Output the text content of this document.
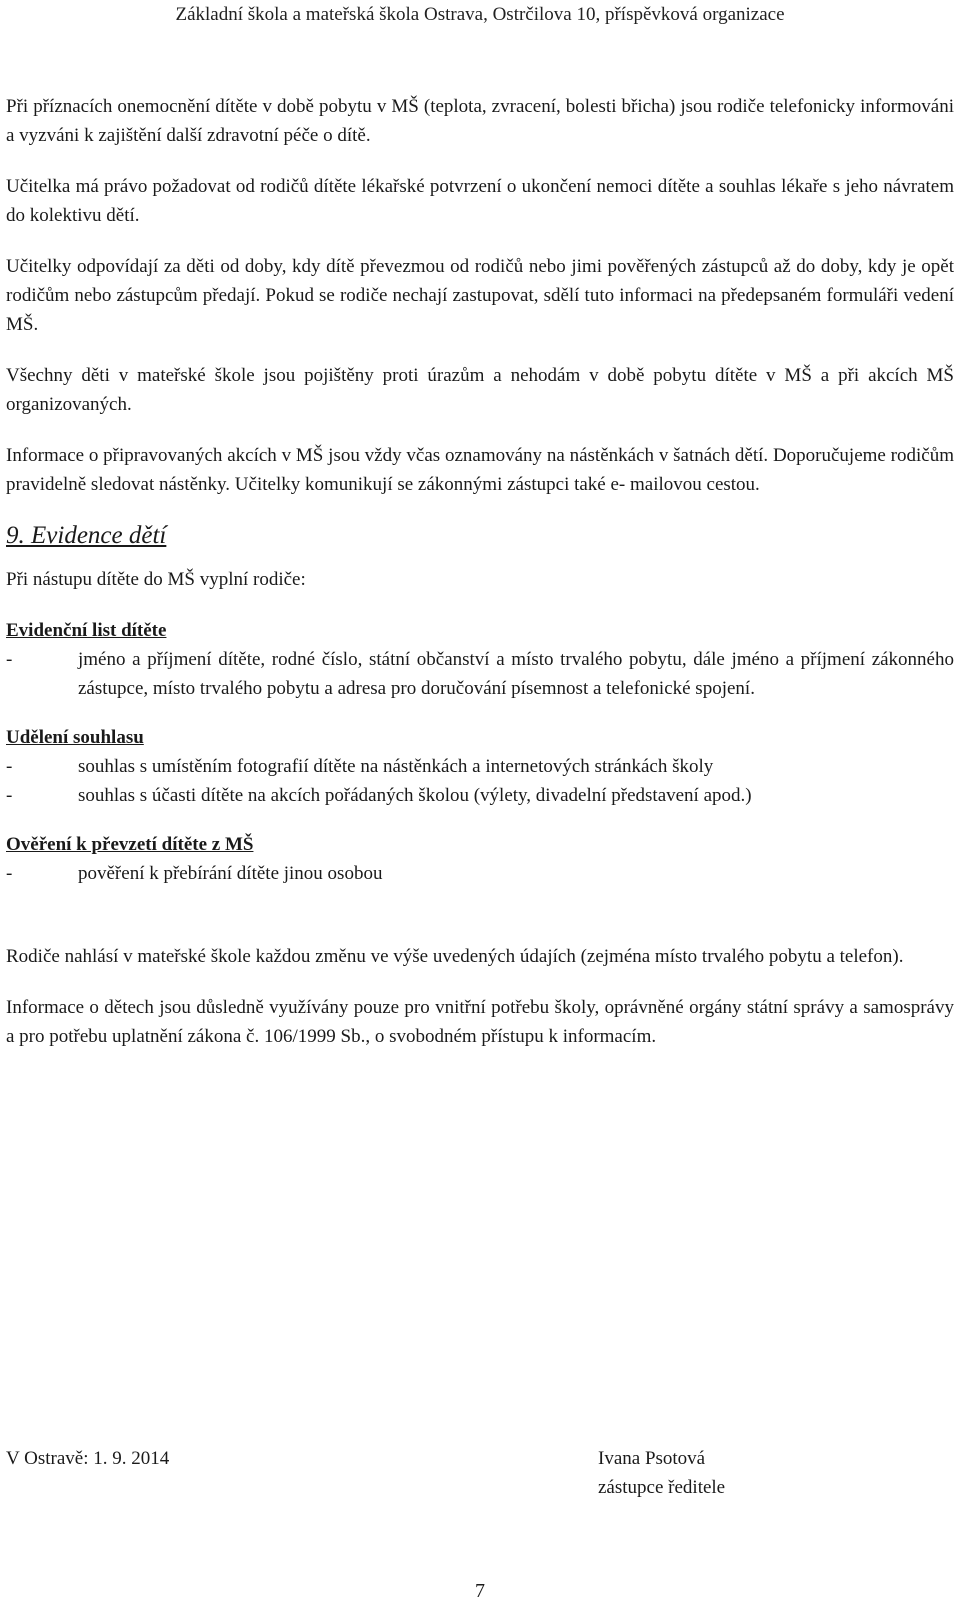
Základní škola a mateřská škola Ostrava, Ostrčilova 10, příspěvková organizace

Při příznacích onemocnění dítěte v době pobytu v MŠ (teplota, zvracení, bolesti břicha) jsou rodiče telefonicky informováni a vyzváni k zajištění další zdravotní péče o dítě.

Učitelka má právo požadovat od rodičů dítěte lékařské potvrzení o ukončení nemoci dítěte a souhlas lékaře s jeho návratem do kolektivu dětí.

Učitelky odpovídají za děti od doby, kdy dítě převezmou od rodičů nebo jimi pověřených zástupců až do doby, kdy je opět rodičům nebo zástupcům předají. Pokud se rodiče nechají zastupovat, sdělí tuto informaci na předepsaném formuláři vedení MŠ.

Všechny děti v mateřské škole jsou pojištěny proti úrazům a nehodám v době pobytu dítěte v MŠ a při akcích MŠ organizovaných.

Informace o připravovaných akcích v MŠ jsou vždy včas oznamovány na nástěnkách v šatnách dětí. Doporučujeme rodičům pravidelně sledovat nástěnky. Učitelky komunikují se zákonnými zástupci také e- mailovou cestou.

9. Evidence dětí

Při nástupu dítěte do MŠ vyplní rodiče:

Evidenční list dítěte
-	jméno a příjmení dítěte, rodné číslo, státní občanství a místo trvalého pobytu, dále jméno a příjmení zákonného zástupce, místo trvalého pobytu a adresa pro doručování písemnost a telefonické spojení.
Udělení souhlasu
-	souhlas s umístěním fotografií dítěte na nástěnkách a internetových stránkách školy
-	souhlas s účasti dítěte na akcích pořádaných školou (výlety, divadelní představení apod.)
Ověření k převzetí dítěte z MŠ
-	pověření k přebírání dítěte jinou osobou

Rodiče nahlásí v mateřské škole každou změnu ve výše uvedených údajích (zejména místo trvalého pobytu a telefon).

Informace o dětech jsou důsledně využívány pouze pro vnitřní potřebu školy, oprávněné orgány státní správy a samosprávy a pro potřebu uplatnění zákona č. 106/1999 Sb., o svobodném přístupu k informacím.

V Ostravě: 1. 9. 2014	Ivana Psotová
zástupce ředitele
7
